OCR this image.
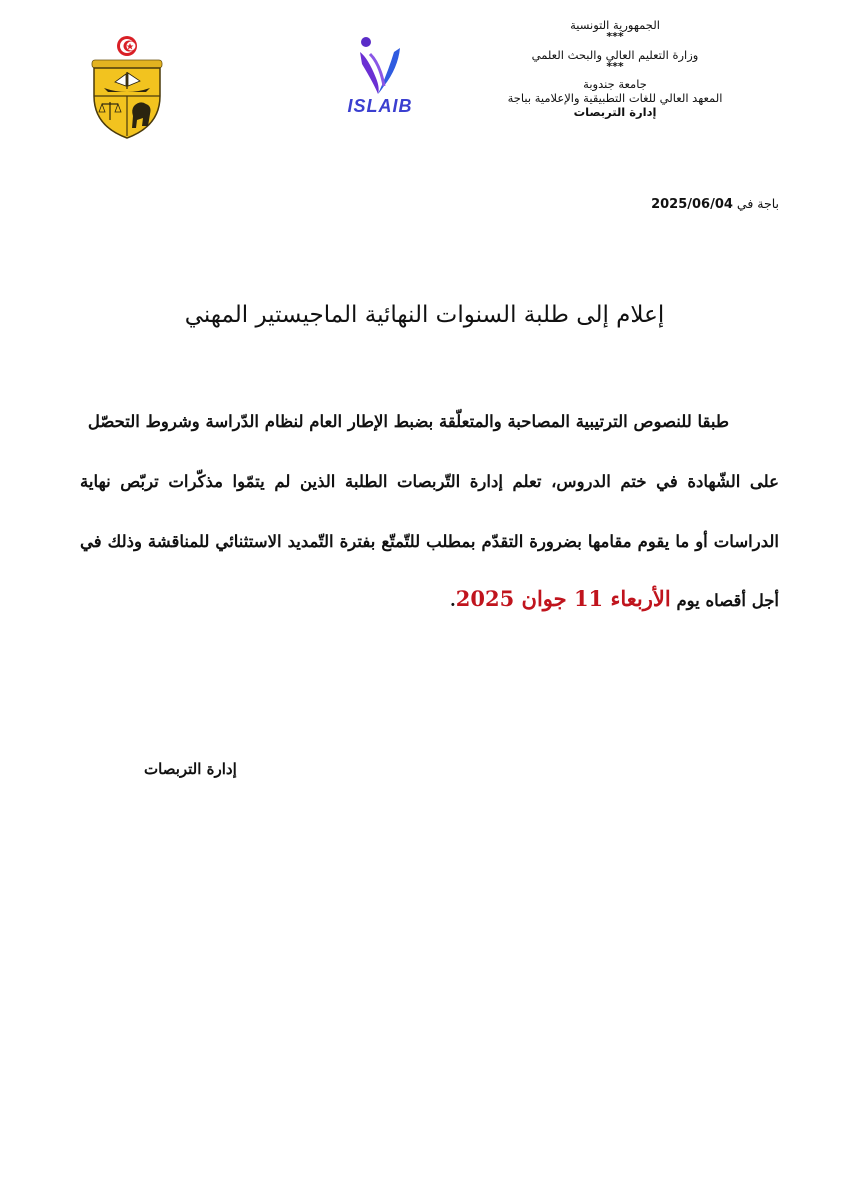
الجمهورية التونسية
***
وزارة التعليم العالي والبحث العلمي
***
جامعة جندوبة
المعهد العالي للغات التطبيقية والإعلامية بباجة
إدارة التربصات
ISLAIB
باجة في 2025/06/04
إعلام إلى طلبة السنوات النهائية الماجيستير المهني
طبقا للنصوص الترتيبية المصاحبة والمتعلّقة بضبط الإطار العام لنظام الدّراسة وشروط التحصّل
على الشّهادة في ختم الدروس، تعلم إدارة التّربصات الطلبة الذين لم يتمّوا مذكّرات تربّص نهاية
الدراسات أو ما يقوم مقامها بضرورة التقدّم بمطلب للتّمتّع بفترة التّمديد الاستثنائي للمناقشة وذلك في
أجل أقصاه يوم الأربعاء 11 جوان 2025.
إدارة التربصات
